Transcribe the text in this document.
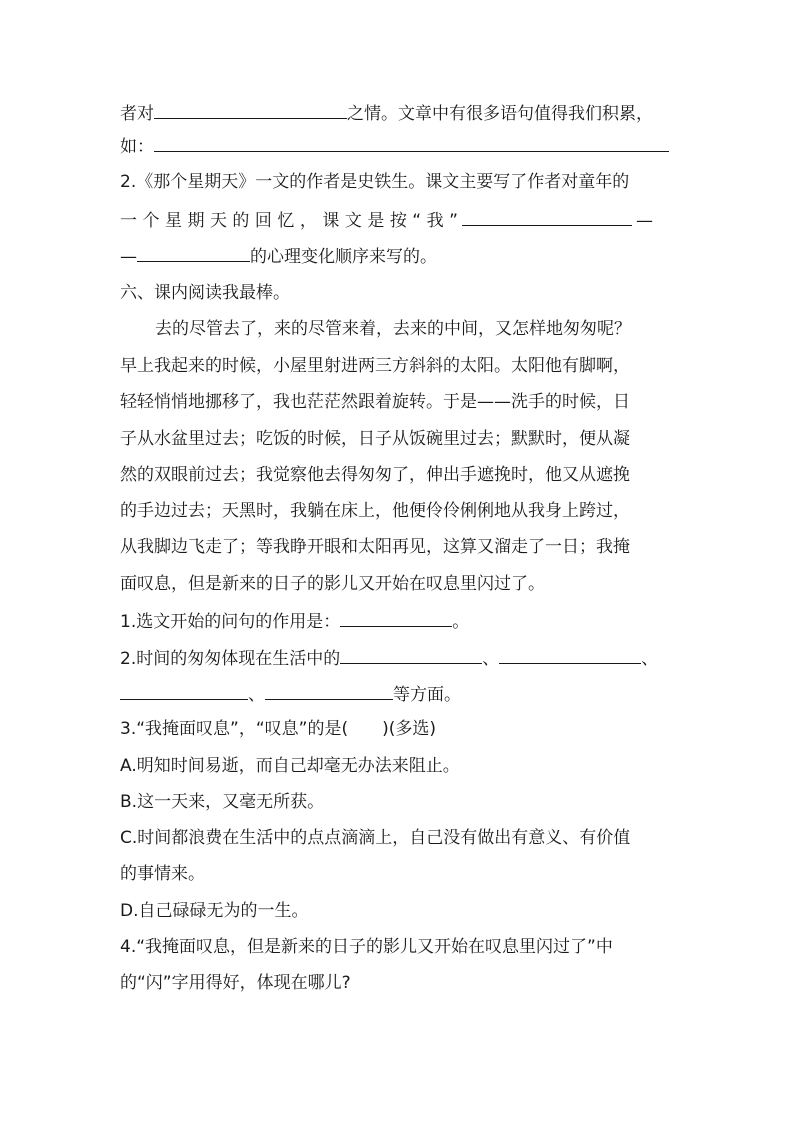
者对	之情。文章中有很多语句值得我们积累，
如：
2.《那个星期天》一文的作者是史铁生。课文主要写了作者对童年的
一 个 星 期 天 的 回 忆 ， 课 文 是 按 “ 我 ”	—
—	的心理变化顺序来写的。
六、课内阅读我最棒。
去的尽管去了，来的尽管来着，去来的中间，又怎样地匆匆呢？
早上我起来的时候，小屋里射进两三方斜斜的太阳。太阳他有脚啊，
轻轻悄悄地挪移了，我也茫茫然跟着旋转。于是——洗手的时候，日
子从水盆里过去；吃饭的时候，日子从饭碗里过去；默默时，便从凝
然的双眼前过去；我觉察他去得匆匆了，伸出手遮挽时，他又从遮挽
的手边过去；天黑时，我躺在床上，他便伶伶俐俐地从我身上跨过，
从我脚边飞走了；等我睁开眼和太阳再见，这算又溜走了一日；我掩
面叹息，但是新来的日子的影儿又开始在叹息里闪过了。
1.选文开始的问句的作用是：	。
2.时间的匆匆体现在生活中的	、	、
、	等方面。
3.“我掩面叹息”，“叹息”的是(　　)(多选)
A.明知时间易逝，而自己却毫无办法来阻止。
B.这一天来，又毫无所获。
C.时间都浪费在生活中的点点滴滴上，自己没有做出有意义、有价值
的事情来。
D.自己碌碌无为的一生。
4.“我掩面叹息，但是新来的日子的影儿又开始在叹息里闪过了”中
的“闪”字用得好，体现在哪儿?
